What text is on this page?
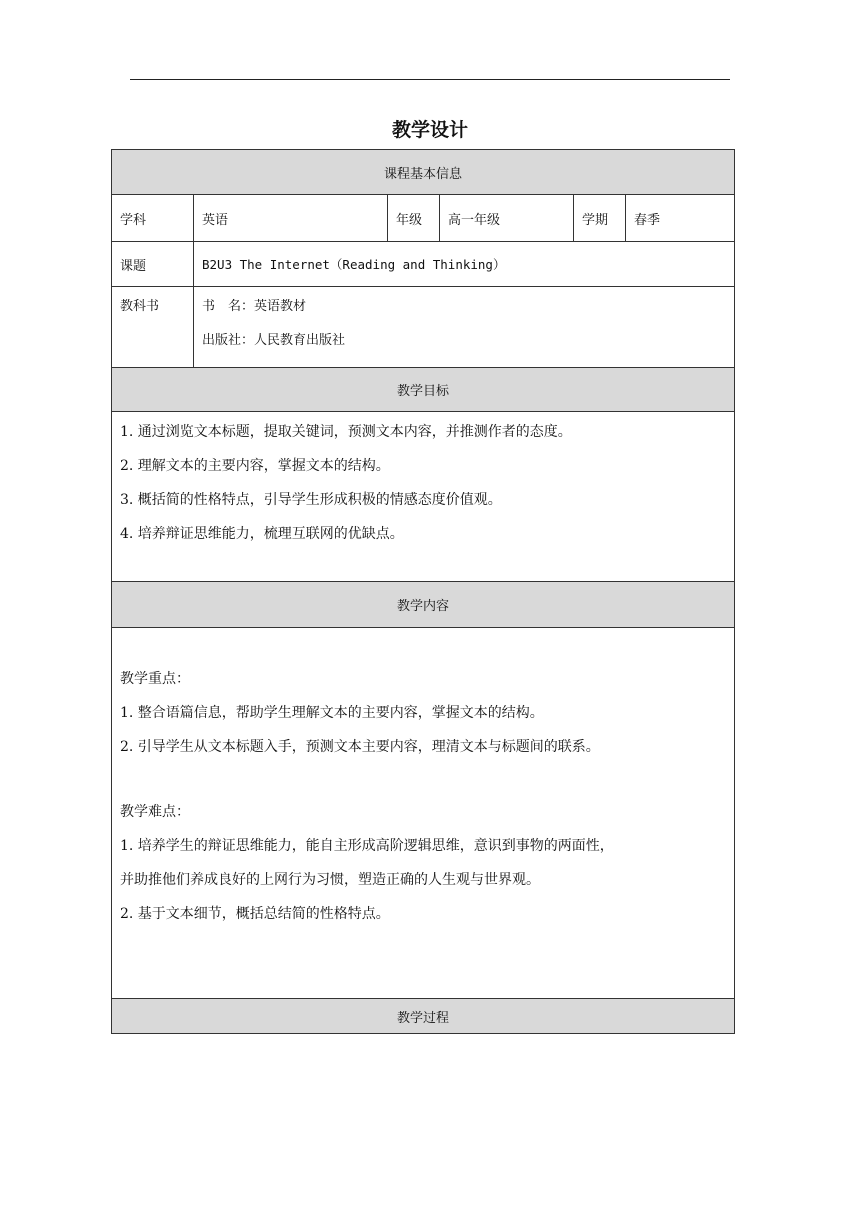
教学设计
课程基本信息
学科	英语	年级	高一年级	学期	春季
课题	B2U3 The Internet（Reading and Thinking）
教科书	书　名：英语教材
出版社：人民教育出版社
教学目标
1. 通过浏览文本标题，提取关键词，预测文本内容，并推测作者的态度。
2. 理解文本的主要内容，掌握文本的结构。
3. 概括简的性格特点，引导学生形成积极的情感态度价值观。
4. 培养辩证思维能力，梳理互联网的优缺点。
教学内容
教学重点：
1. 整合语篇信息，帮助学生理解文本的主要内容，掌握文本的结构。
2. 引导学生从文本标题入手，预测文本主要内容，理清文本与标题间的联系。
教学难点：
1. 培养学生的辩证思维能力，能自主形成高阶逻辑思维，意识到事物的两面性，
并助推他们养成良好的上网行为习惯，塑造正确的人生观与世界观。
2. 基于文本细节，概括总结简的性格特点。
教学过程
